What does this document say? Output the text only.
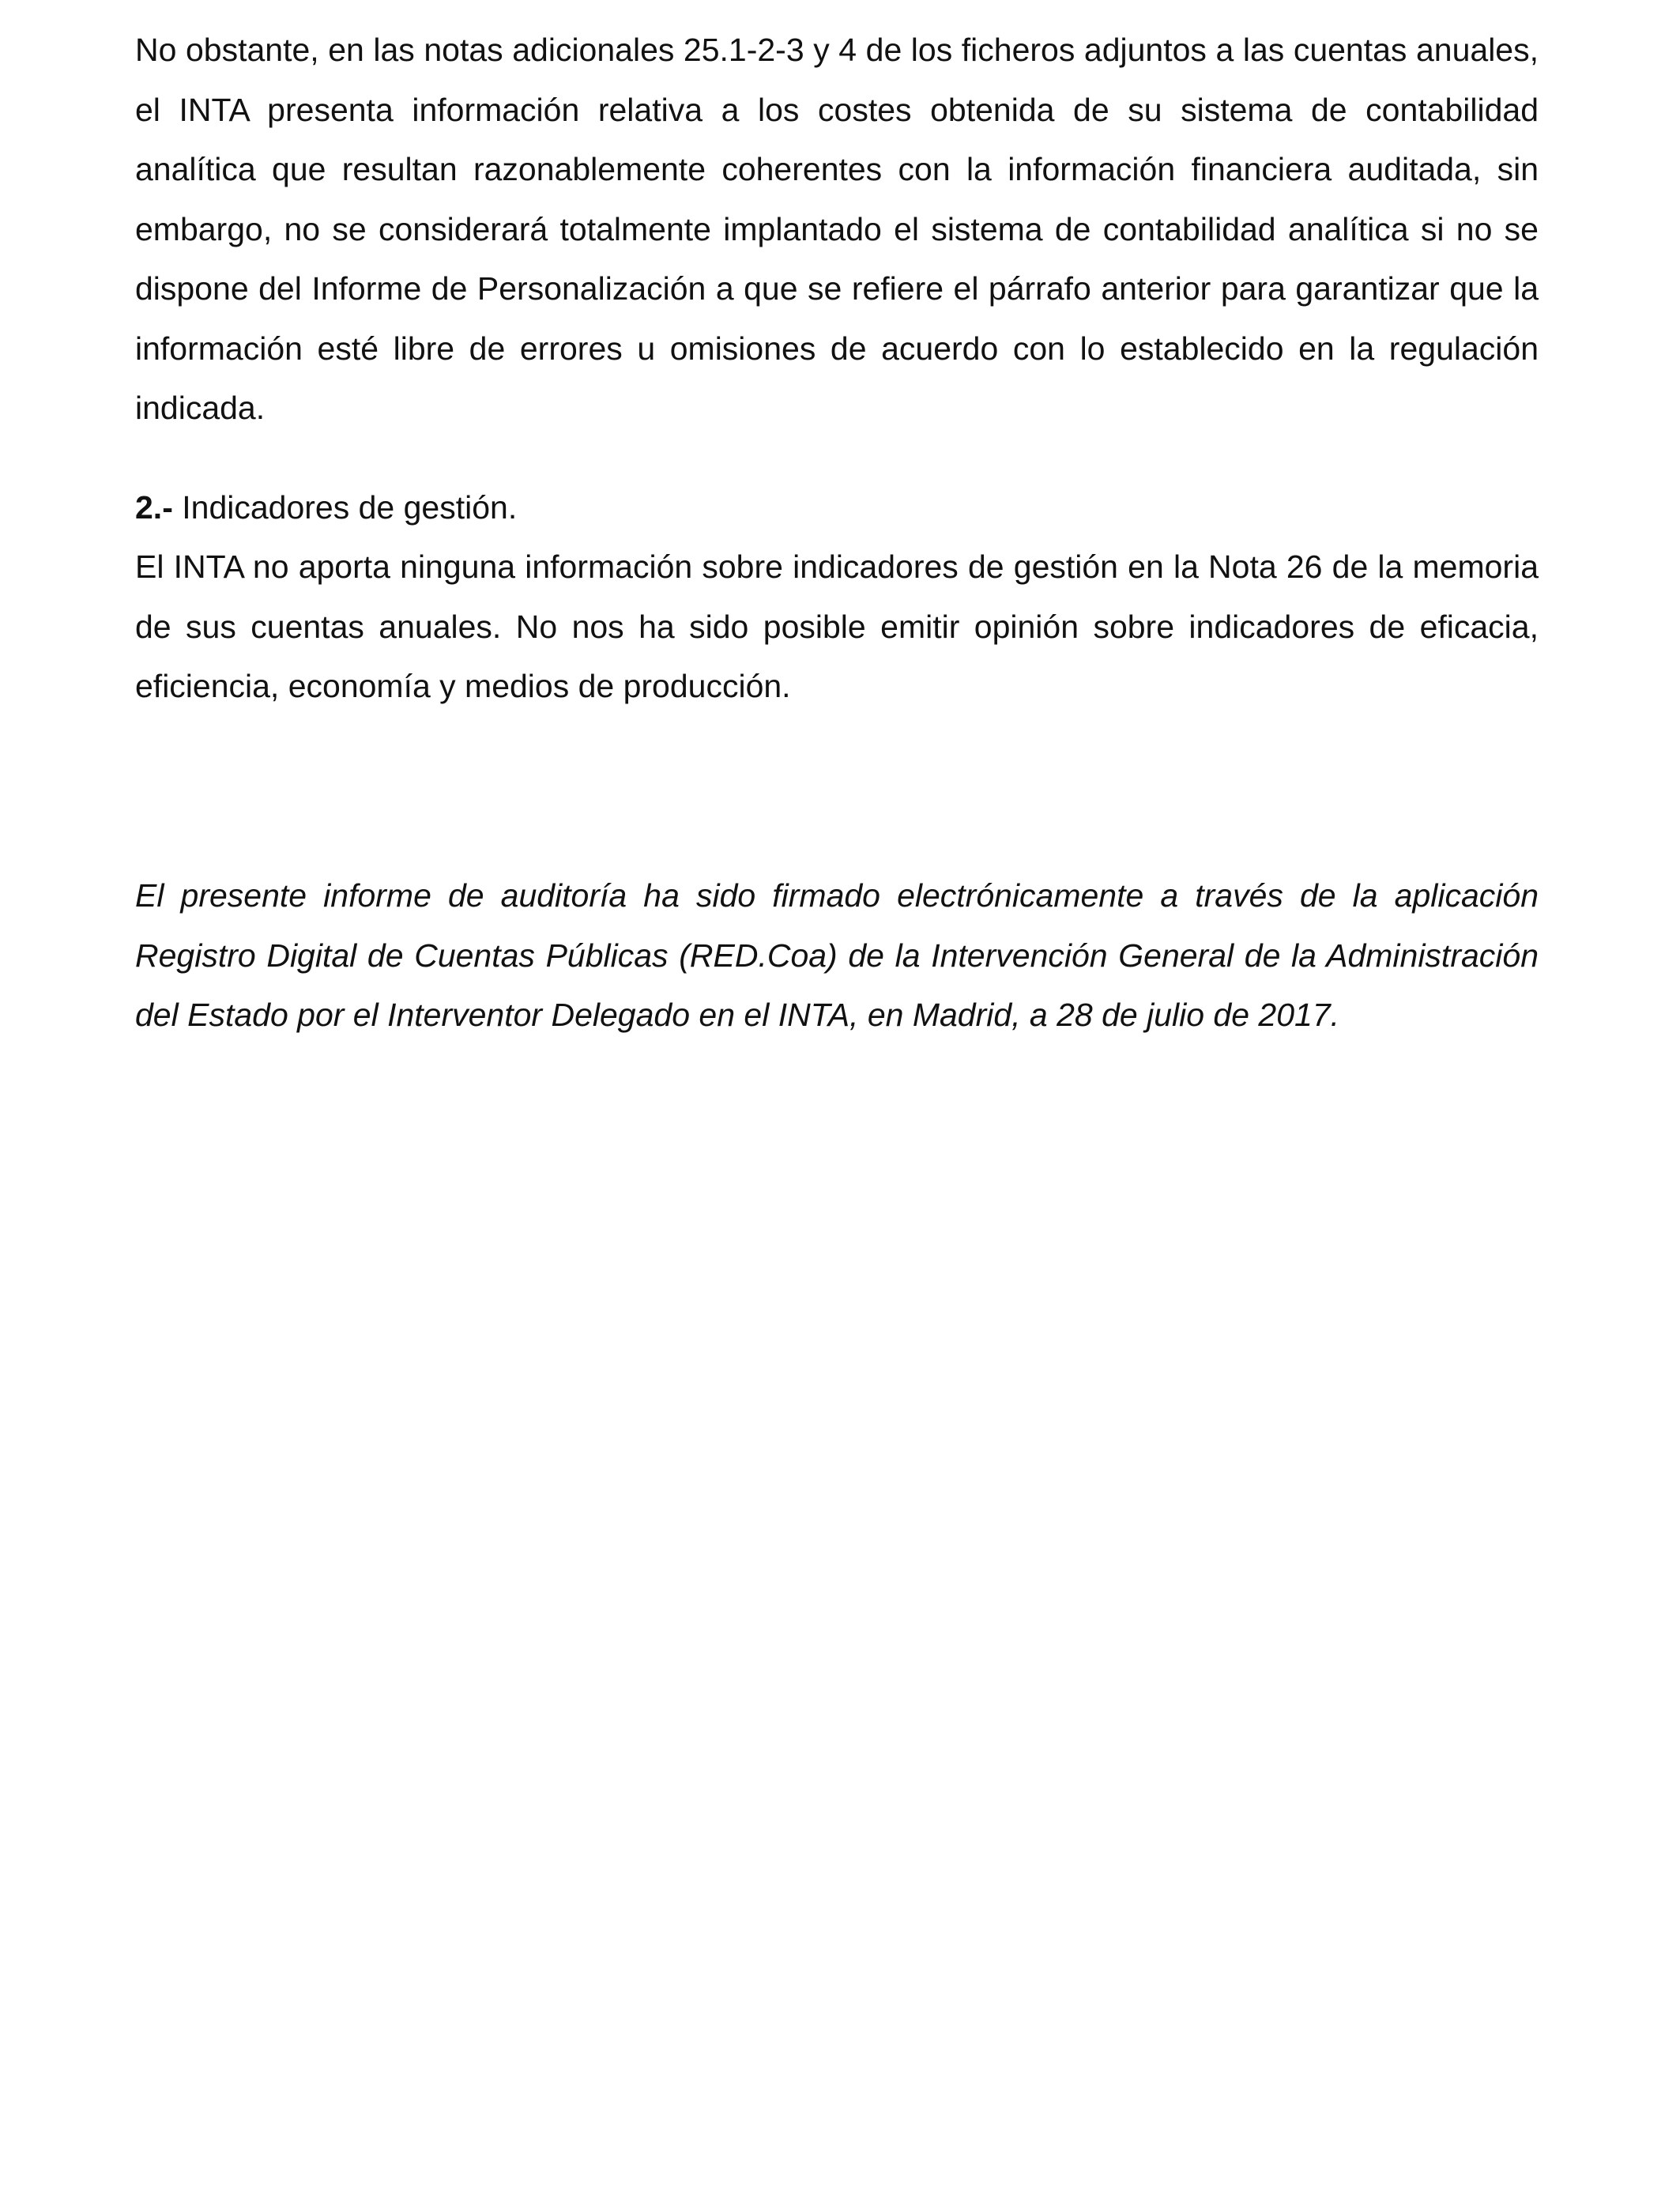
No obstante, en las notas adicionales 25.1-2-3 y 4 de los ficheros adjuntos a las cuentas anuales, el INTA presenta información relativa a los costes obtenida de su sistema de contabilidad analítica que resultan razonablemente coherentes con la información financiera auditada, sin embargo, no se considerará totalmente implantado el sistema de contabilidad analítica si no se dispone del Informe de Personalización a que se refiere el párrafo anterior para garantizar que la información esté libre de errores u omisiones de acuerdo con lo establecido en la regulación indicada.

2.- Indicadores de gestión.

El INTA no aporta ninguna información sobre indicadores de gestión en la Nota 26 de la memoria de sus cuentas anuales. No nos ha sido posible emitir opinión sobre indicadores de eficacia, eficiencia, economía y medios de producción.

El presente informe de auditoría ha sido firmado electrónicamente a través de la aplicación Registro Digital de Cuentas Públicas (RED.Coa) de la Intervención General de la Administración del Estado por el Interventor Delegado en el INTA, en Madrid, a 28 de julio de 2017.
